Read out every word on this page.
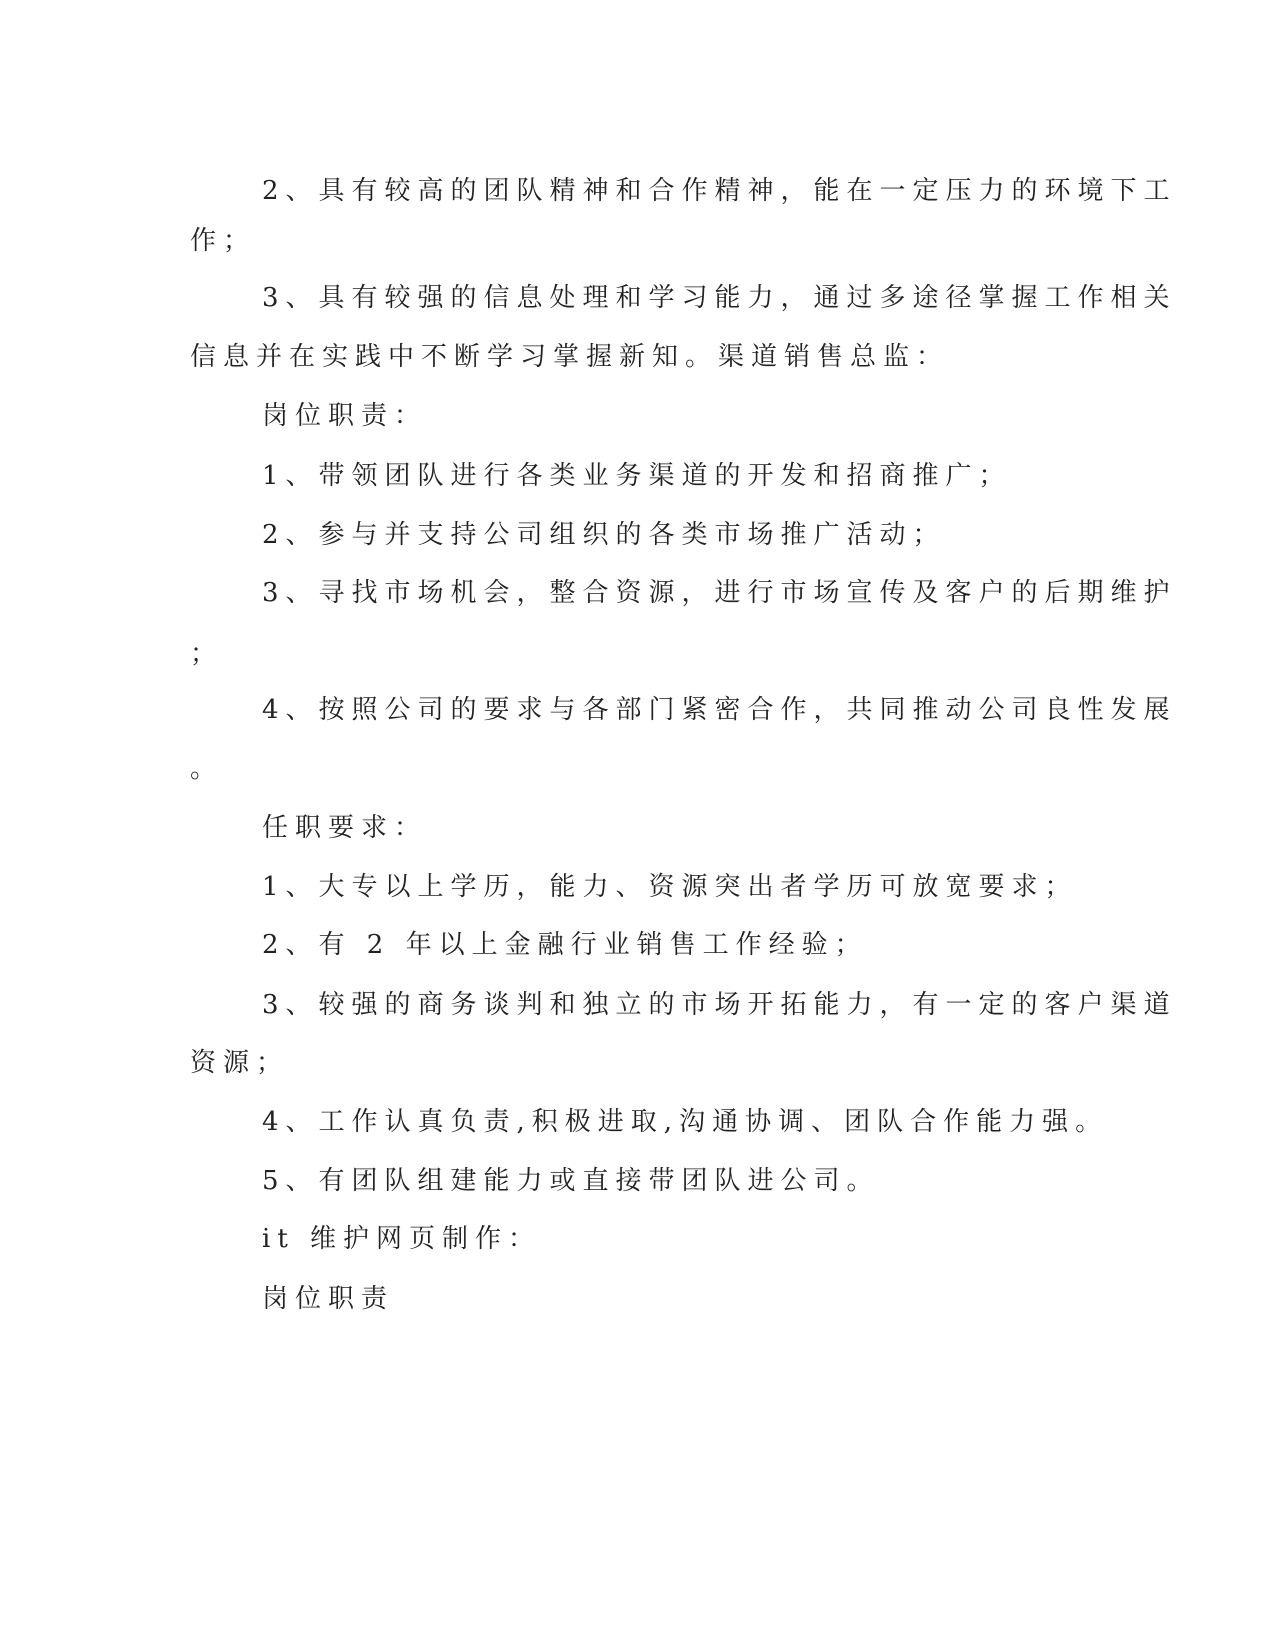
2、具有较高的团队精神和合作精神，能在一定压力的环境下工
作；
3、具有较强的信息处理和学习能力，通过多途径掌握工作相关
信息并在实践中不断学习掌握新知。渠道销售总监：
岗位职责：
1、带领团队进行各类业务渠道的开发和招商推广；
2、参与并支持公司组织的各类市场推广活动；
3、寻找市场机会，整合资源，进行市场宣传及客户的后期维护
；
4、按照公司的要求与各部门紧密合作，共同推动公司良性发展
。
任职要求：
1、大专以上学历，能力、资源突出者学历可放宽要求；
2、有 2 年以上金融行业销售工作经验；
3、较强的商务谈判和独立的市场开拓能力，有一定的客户渠道
资源；
4、工作认真负责,积极进取,沟通协调、团队合作能力强。
5、有团队组建能力或直接带团队进公司。
it 维护网页制作：
岗位职责
